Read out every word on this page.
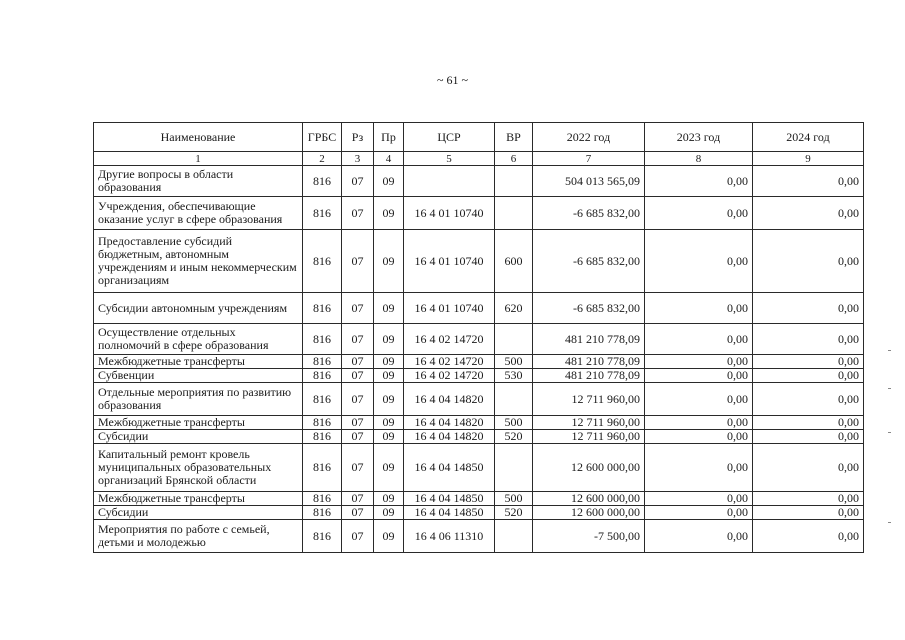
~ 61 ~
Наименование	ГРБС	Рз	Пр	ЦСР	ВР	2022 год	2023 год	2024 год
1	2	3	4	5	6	7	8	9
Другие вопросы в области образования	816	07	09			504 013 565,09	0,00	0,00
Учреждения, обеспечивающие оказание услуг в сфере образования	816	07	09	16 4 01 10740		-6 685 832,00	0,00	0,00
Предоставление субсидий бюджетным, автономным учреждениям и иным некоммерческим организациям	816	07	09	16 4 01 10740	600	-6 685 832,00	0,00	0,00
Субсидии автономным учреждениям	816	07	09	16 4 01 10740	620	-6 685 832,00	0,00	0,00
Осуществление отдельных полномочий в сфере образования	816	07	09	16 4 02 14720		481 210 778,09	0,00	0,00
Межбюджетные трансферты	816	07	09	16 4 02 14720	500	481 210 778,09	0,00	0,00
Субвенции	816	07	09	16 4 02 14720	530	481 210 778,09	0,00	0,00
Отдельные мероприятия по развитию образования	816	07	09	16 4 04 14820		12 711 960,00	0,00	0,00
Межбюджетные трансферты	816	07	09	16 4 04 14820	500	12 711 960,00	0,00	0,00
Субсидии	816	07	09	16 4 04 14820	520	12 711 960,00	0,00	0,00
Капитальный ремонт кровель муниципальных образовательных организаций Брянской области	816	07	09	16 4 04 14850		12 600 000,00	0,00	0,00
Межбюджетные трансферты	816	07	09	16 4 04 14850	500	12 600 000,00	0,00	0,00
Субсидии	816	07	09	16 4 04 14850	520	12 600 000,00	0,00	0,00
Мероприятия по работе с семьей, детьми и молодежью	816	07	09	16 4 06 11310		-7 500,00	0,00	0,00
